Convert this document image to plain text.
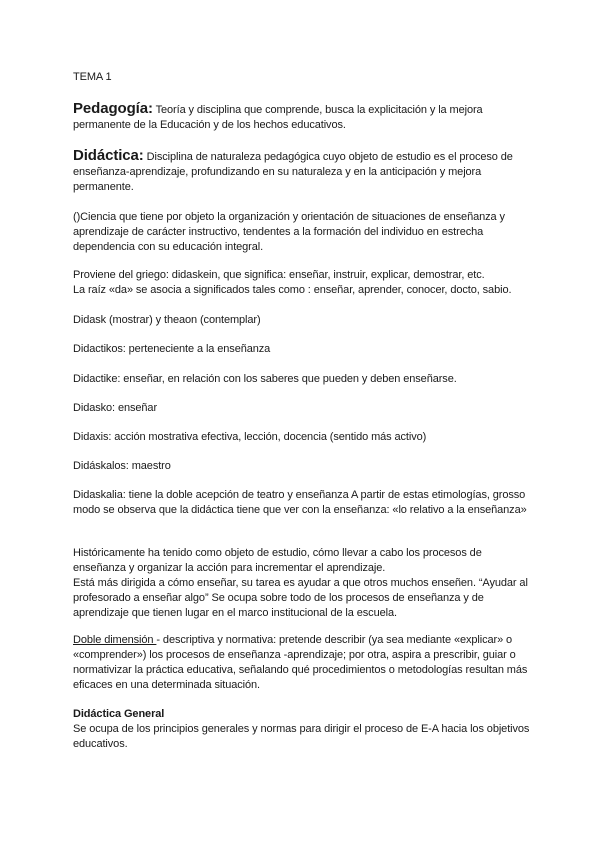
TEMA 1

Pedagogía: Teoría y disciplina que comprende, busca la explicitación y la mejora permanente de la Educación y de los hechos educativos.

Didáctica: Disciplina de naturaleza pedagógica cuyo objeto de estudio es el proceso de enseñanza-aprendizaje, profundizando en su naturaleza y en la anticipación y mejora permanente.

()Ciencia que tiene por objeto la organización y orientación de situaciones de enseñanza y aprendizaje de carácter instructivo, tendentes a la formación del individuo en estrecha dependencia con su educación integral.

Proviene del griego: didaskein, que significa: enseñar, instruir, explicar, demostrar, etc.

La raíz «da» se asocia a significados tales como : enseñar, aprender, conocer, docto, sabio.

Didask (mostrar) y theaon (contemplar)

Didactikos: perteneciente a la enseñanza

Didactike: enseñar, en relación con los saberes que pueden y deben enseñarse.

Didasko: enseñar

Didaxis: acción mostrativa efectiva, lección, docencia (sentido más activo)

Didáskalos: maestro

Didaskalia: tiene la doble acepción de teatro y enseñanza A partir de estas etimologías, grosso modo se observa que la didáctica tiene que ver con la enseñanza: «lo relativo a la enseñanza»

Históricamente ha tenido como objeto de estudio, cómo llevar a cabo los procesos de enseñanza y organizar la acción para incrementar el aprendizaje.

Está más dirigida a cómo enseñar, su tarea es ayudar a que otros muchos enseñen. “Ayudar al profesorado a enseñar algo” Se ocupa sobre todo de los procesos de enseñanza y de aprendizaje que tienen lugar en el marco institucional de la escuela.

Doble dimensión - descriptiva y normativa: pretende describir (ya sea mediante «explicar» o «comprender») los procesos de enseñanza -aprendizaje; por otra, aspira a prescribir, guiar o normativizar la práctica educativa, señalando qué procedimientos o metodologías resultan más eficaces en una determinada situación.

Didáctica General

Se ocupa de los principios generales y normas para dirigir el proceso de E-A hacia los objetivos educativos.
